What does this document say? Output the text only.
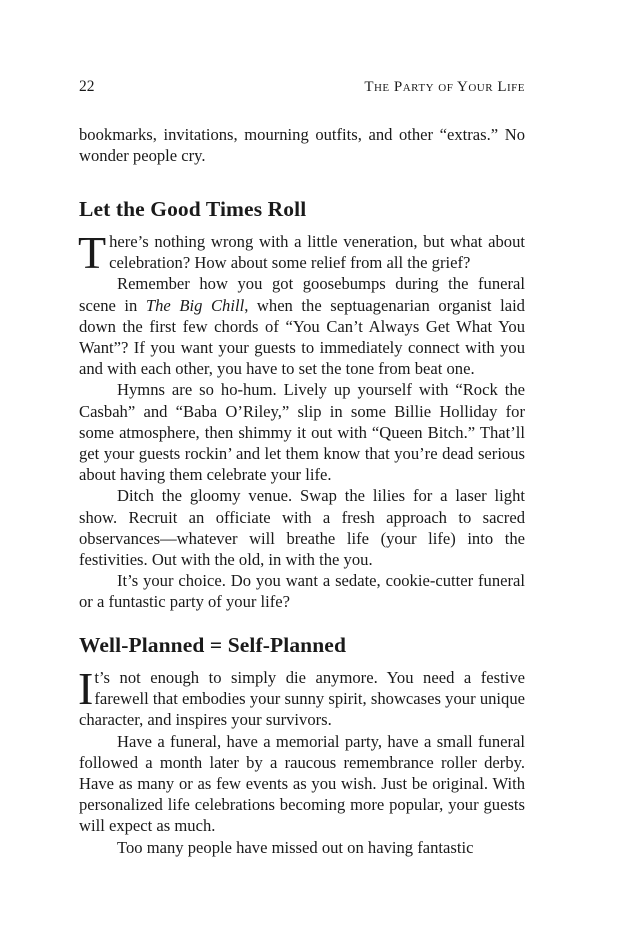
22	The Party of Your Life

bookmarks, invitations, mourning outfits, and other “extras.” No wonder people cry.

Let the Good Times Roll

There’s nothing wrong with a little veneration, but what about celebration? How about some relief from all the grief?

Remember how you got goosebumps during the funeral scene in The Big Chill, when the septuagenarian organist laid down the first few chords of “You Can’t Always Get What You Want”? If you want your guests to immediately connect with you and with each other, you have to set the tone from beat one.

Hymns are so ho-hum. Lively up yourself with “Rock the Casbah” and “Baba O’Riley,” slip in some Billie Holliday for some atmosphere, then shimmy it out with “Queen Bitch.” That’ll get your guests rockin’ and let them know that you’re dead serious about having them celebrate your life.

Ditch the gloomy venue. Swap the lilies for a laser light show. Recruit an officiate with a fresh approach to sacred observances—whatever will breathe life (your life) into the festivities. Out with the old, in with the you.

It’s your choice. Do you want a sedate, cookie-cutter funeral or a funtastic party of your life?

Well-Planned = Self-Planned

It’s not enough to simply die anymore. You need a festive farewell that embodies your sunny spirit, showcases your unique character, and inspires your survivors.

Have a funeral, have a memorial party, have a small funeral followed a month later by a raucous remembrance roller derby. Have as many or as few events as you wish. Just be original. With personalized life celebrations becoming more popular, your guests will expect as much.

Too many people have missed out on having fantastic
